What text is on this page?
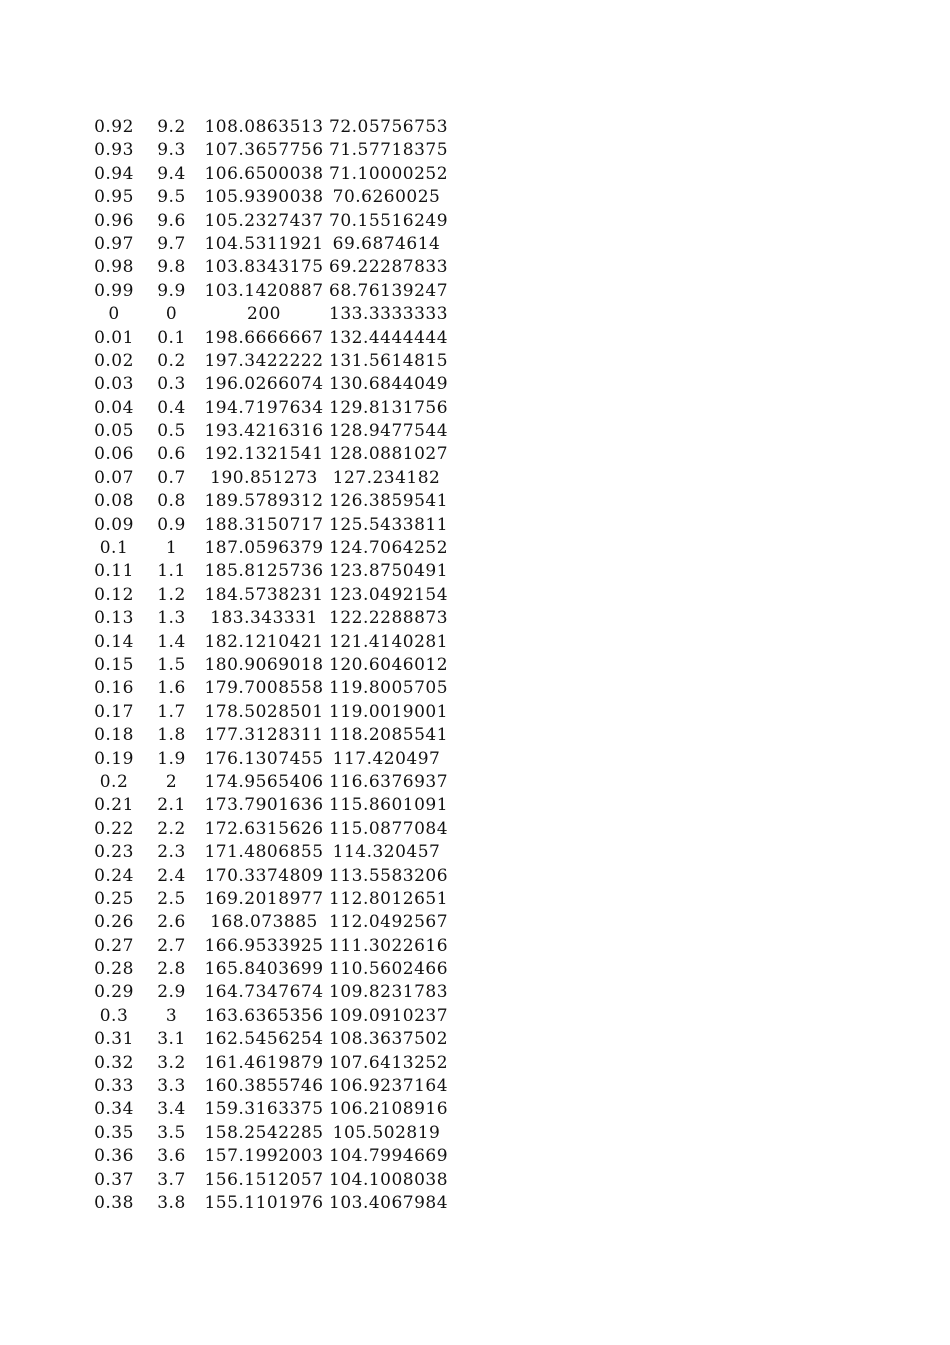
0.92	9.2	108.0863513 72.05756753
0.93	9.3	107.3657756 71.57718375
0.94	9.4	106.6500038 71.10000252
0.95	9.5	105.9390038 70.6260025
0.96	9.6	105.2327437 70.15516249
0.97	9.7	104.5311921 69.6874614
0.98	9.8	103.8343175 69.22287833
0.99	9.9	103.1420887 68.76139247
0	0	200	133.3333333
0.01	0.1	198.6666667 132.4444444
0.02	0.2	197.3422222 131.5614815
0.03	0.3	196.0266074 130.6844049
0.04	0.4	194.7197634 129.8131756
0.05	0.5	193.4216316 128.9477544
0.06	0.6	192.1321541 128.0881027
0.07	0.7	190.851273 127.234182
0.08	0.8	189.5789312 126.3859541
0.09	0.9	188.3150717 125.5433811
0.1	1	187.0596379 124.7064252
0.11	1.1	185.8125736 123.8750491
0.12	1.2	184.5738231 123.0492154
0.13	1.3	183.343331 122.2288873
0.14	1.4	182.1210421 121.4140281
0.15	1.5	180.9069018 120.6046012
0.16	1.6	179.7008558 119.8005705
0.17	1.7	178.5028501 119.0019001
0.18	1.8	177.3128311 118.2085541
0.19	1.9	176.1307455 117.420497
0.2	2	174.9565406 116.6376937
0.21	2.1	173.7901636 115.8601091
0.22	2.2	172.6315626 115.0877084
0.23	2.3	171.4806855 114.320457
0.24	2.4	170.3374809 113.5583206
0.25	2.5	169.2018977 112.8012651
0.26	2.6	168.073885 112.0492567
0.27	2.7	166.9533925 111.3022616
0.28	2.8	165.8403699 110.5602466
0.29	2.9	164.7347674 109.8231783
0.3	3	163.6365356 109.0910237
0.31	3.1	162.5456254 108.3637502
0.32	3.2	161.4619879 107.6413252
0.33	3.3	160.3855746 106.9237164
0.34	3.4	159.3163375 106.2108916
0.35	3.5	158.2542285 105.502819
0.36	3.6	157.1992003 104.7994669
0.37	3.7	156.1512057 104.1008038
0.38	3.8	155.1101976 103.4067984
